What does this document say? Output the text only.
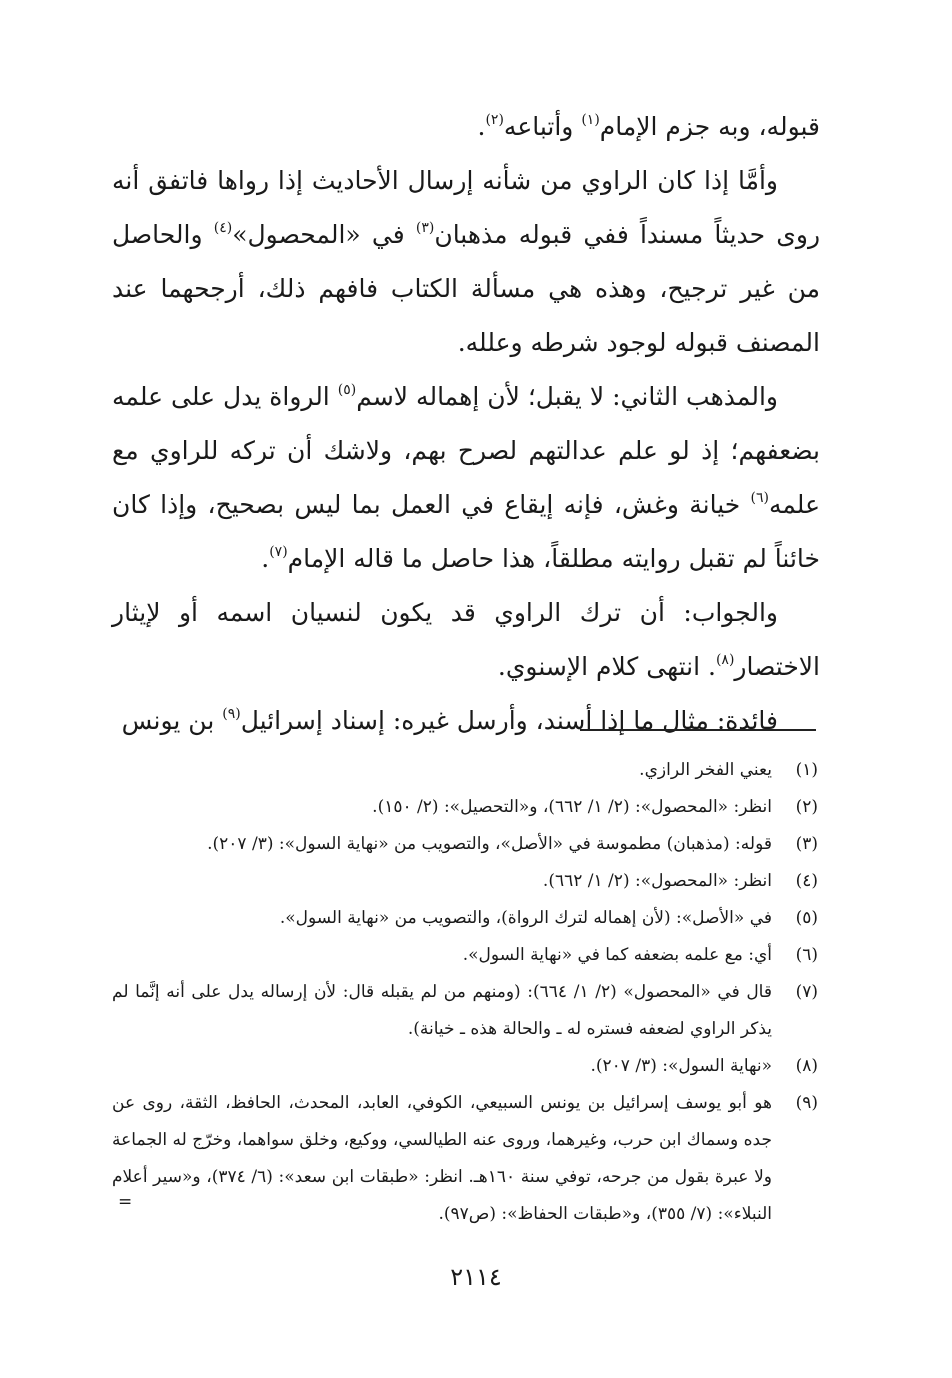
قبوله، وبه جزم الإمام$^{(١)}$ وأتباعه$^{(٢)}$.

وأمَّا إذا كان الراوي من شأنه إرسال الأحاديث إذا رواها فاتفق أنه روى حديثاً مسنداً ففي قبوله مذهبان$^{(٣)}$ في «المحصول»$^{(٤)}$ والحاصل من غير ترجيح، وهذه هي مسألة الكتاب فافهم ذلك، أرجحهما عند المصنف قبوله لوجود شرطه وعلله.

والمذهب الثاني: لا يقبل؛ لأن إهماله لاسم$^{(٥)}$ الرواة يدل على علمه بضعفهم؛ إذ لو علم عدالتهم لصرح بهم، ولاشك أن تركه للراوي مع علمه$^{(٦)}$ خيانة وغش، فإنه إيقاع في العمل بما ليس بصحيح، وإذا كان خائناً لم تقبل روايته مطلقاً، هذا حاصل ما قاله الإمام$^{(٧)}$.

والجواب: أن ترك الراوي قد يكون لنسيان اسمه أو لإيثار الاختصار$^{(٨)}$. انتهى كلام الإسنوي.

فائدة: مثال ما إذا أسند، وأرسل غيره: إسناد إسرائيل$^{(٩)}$ بن يونس

(١)
يعني الفخر الرازي.
(٢)
انظر: «المحصول»: (٢/ ١/ ٦٦٢)، و«التحصيل»: (٢/ ١٥٠).
(٣)
قوله: (مذهبان) مطموسة في «الأصل»، والتصويب من «نهاية السول»: (٣/ ٢٠٧).
(٤)
انظر: «المحصول»: (٢/ ١/ ٦٦٢).
(٥)
في «الأصل»: (لأن إهماله لترك الرواة)، والتصويب من «نهاية السول».
(٦)
أي: مع علمه بضعفه كما في «نهاية السول».
(٧)
قال في «المحصول» (٢/ ١/ ٦٦٤): (ومنهم من لم يقبله قال: لأن إرساله يدل على أنه إنَّما لم يذكر الراوي لضعفه فستره له ـ والحالة هذه ـ خيانة).
(٨)
«نهاية السول»: (٣/ ٢٠٧).
(٩)
هو أبو يوسف إسرائيل بن يونس السبيعي، الكوفي، العابد، المحدث، الحافظ، الثقة، روى عن جده وسماك ابن حرب، وغيرهما، وروى عنه الطيالسي، ووكيع، وخلق سواهما، وخرّج له الجماعة ولا عبرة بقول من جرحه، توفي سنة ١٦٠هـ. انظر: «طبقات ابن سعد»: (٦/ ٣٧٤)، و«سير أعلام النبلاء»: (٧/ ٣٥٥)، و«طبقات الحفاظ»: (ص٩٧).
=
٢١١٤
